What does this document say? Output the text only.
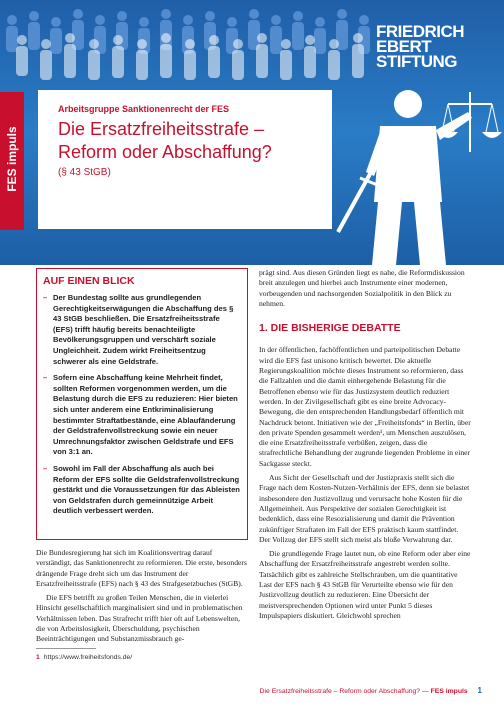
FRIEDRICH
EBERT
STIFTUNG
FES impuls
Arbeitsgruppe Sanktionenrecht der FES
Die Ersatzfreiheitsstrafe –
Reform oder Abschaffung?
(§ 43 StGB)
AUF EINEN BLICK
– Der Bundestag sollte aus grundlegenden Gerechtigkeitserwägungen die Abschaffung des § 43 StGB beschließen. Die Ersatzfreiheitsstrafe (EFS) trifft häufig bereits benachteiligte Bevölkerungsgruppen und verschärft soziale Ungleichheit. Zudem wirkt Freiheitsentzug schwerer als eine Geldstrafe.
– Sofern eine Abschaffung keine Mehrheit findet, sollten Reformen vorgenommen werden, um die Belastung durch die EFS zu reduzieren: Hier bieten sich unter anderem eine Entkriminalisierung bestimmter Straftatbestände, eine Ablaufänderung der Geldstrafenvollstreckung sowie ein neuer Umrechnungsfaktor zwischen Geldstrafe und EFS von 3:1 an.
– Sowohl im Fall der Abschaffung als auch bei Reform der EFS sollte die Geldstrafenvollstreckung gestärkt und die Voraussetzungen für das Ableisten von Geldstrafen durch gemeinnützige Arbeit deutlich verbessert werden.

Die Bundesregierung hat sich im Koalitionsvertrag darauf verständigt, das Sanktionenrecht zu reformieren. Die erste, besonders drängende Frage dreht sich um das Instrument der Ersatzfreiheitsstrafe (EFS) nach § 43 des Strafgesetzbuches (StGB).

Die EFS betrifft zu großen Teilen Menschen, die in vielerlei Hinsicht gesellschaftlich marginalisiert sind und in problematischen Verhältnissen leben. Das Strafrecht trifft hier oft auf Lebenswelten, die von Arbeitslosigkeit, Überschuldung, psychischen Beeinträchtigungen und Substanzmissbrauch ge-

1 https://www.freiheitsfonds.de/

prägt sind. Aus diesen Gründen liegt es nahe, die Reformdiskussion breit anzulegen und hierbei auch Instrumente einer modernen, vorbeugenden und nachsorgenden Sozialpolitik in den Blick zu nehmen.

1. DIE BISHERIGE DEBATTE

In der öffentlichen, fachöffentlichen und parteipolitischen Debatte wird die EFS fast unisono kritisch bewertet. Die aktuelle Regierungskoalition möchte dieses Instrument so reformieren, dass die Fallzahlen und die damit einhergehende Belastung für die Betroffenen ebenso wie für das Justizsystem deutlich reduziert werden. In der Zivilgesellschaft gibt es eine breite Advocacy-Bewegung, die den entsprechenden Handlungsbedarf öffentlich mit Nachdruck betont. Initiativen wie der „Freiheitsfonds“ in Berlin, über den private Spenden gesammelt werden¹, um Menschen auszulösen, die eine Ersatzfreiheitsstrafe verbüßen, zeigen, dass die strafrechtliche Behandlung der zugrunde liegenden Probleme in einer Sackgasse steckt.

Aus Sicht der Gesellschaft und der Justizpraxis stellt sich die Frage nach dem Kosten-Nutzen-Verhältnis der EFS, denn sie belastet insbesondere den Justizvollzug und verursacht hohe Kosten für die Allgemeinheit. Aus Perspektive der sozialen Gerechtigkeit ist bedenklich, dass eine Resozialisierung und damit die Prävention zukünftiger Straftaten im Fall der EFS praktisch kaum stattfindet. Der Vollzug der EFS stellt sich meist als bloße Verwahrung dar.

Die grundlegende Frage lautet nun, ob eine Reform oder aber eine Abschaffung der Ersatzfreiheitsstrafe angestrebt werden sollte. Tatsächlich gibt es zahlreiche Stellschrauben, um die quantitative Last der EFS nach § 43 StGB für Verurteilte ebenso wie für den Justizvollzug deutlich zu reduzieren. Eine Übersicht der meistversprechenden Optionen wird unter Punkt 5 dieses Impulspapiers diskutiert. Gleichwohl sprechen

Die Ersatzfreiheitsstrafe – Reform oder Abschaffung? — FES impuls 1
